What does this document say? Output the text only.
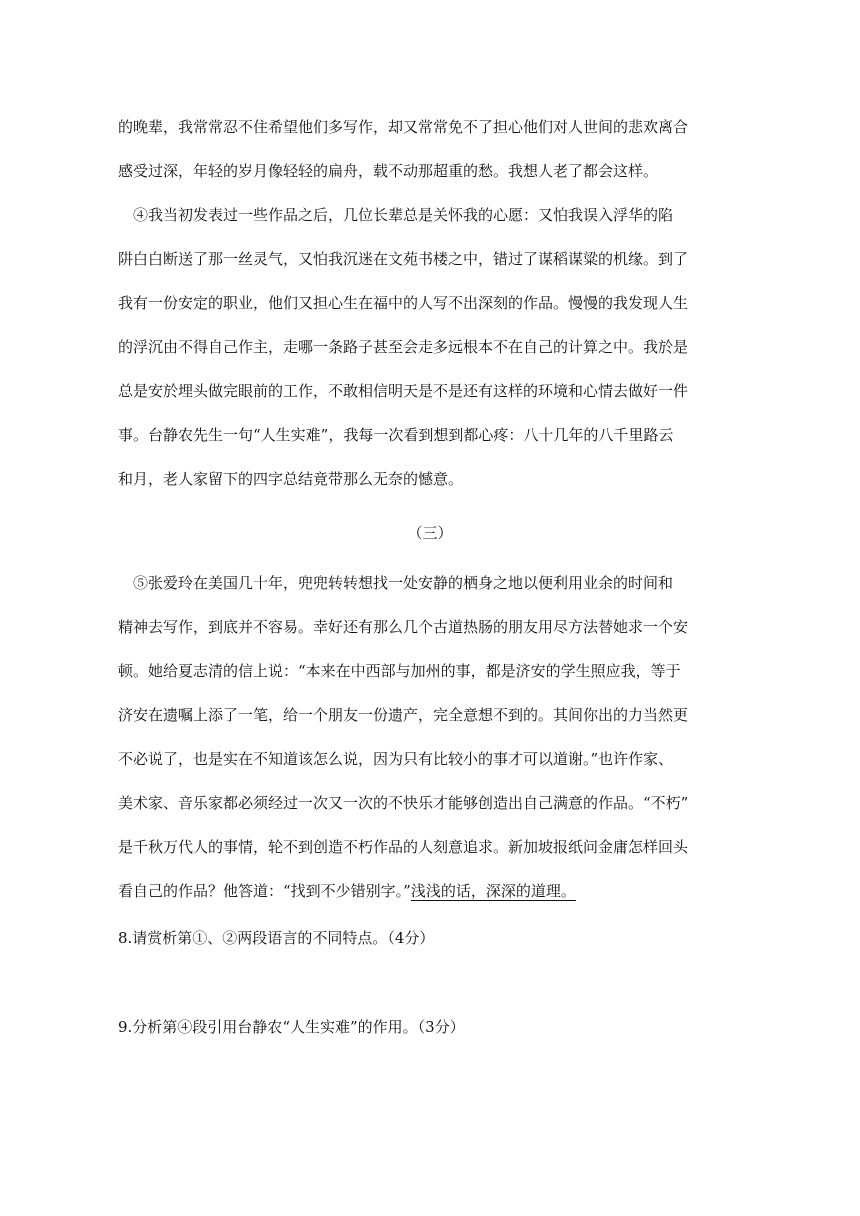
的晚辈，我常常忍不住希望他们多写作，却又常常免不了担心他们对人世间的悲欢离合
感受过深，年轻的岁月像轻轻的扁舟，载不动那超重的愁。我想人老了都会这样。
④我当初发表过一些作品之后，几位长辈总是关怀我的心愿：又怕我误入浮华的陷
阱白白断送了那一丝灵气，又怕我沉迷在文苑书楼之中，错过了谋稻谋粱的机缘。到了
我有一份安定的职业，他们又担心生在福中的人写不出深刻的作品。慢慢的我发现人生
的浮沉由不得自己作主，走哪一条路子甚至会走多远根本不在自己的计算之中。我於是
总是安於埋头做完眼前的工作，不敢相信明天是不是还有这样的环境和心情去做好一件
事。台静农先生一句“人生实难”，我每一次看到想到都心疼：八十几年的八千里路云
和月，老人家留下的四字总结竟带那么无奈的憾意。
（三）
⑤张爱玲在美国几十年，兜兜转转想找一处安静的栖身之地以便利用业余的时间和
精神去写作，到底并不容易。幸好还有那么几个古道热肠的朋友用尽方法替她求一个安
顿。她给夏志清的信上说：“本来在中西部与加州的事，都是济安的学生照应我，等于
济安在遗嘱上添了一笔，给一个朋友一份遗产，完全意想不到的。其间你出的力当然更
不必说了，也是实在不知道该怎么说，因为只有比较小的事才可以道谢。”也许作家、
美术家、音乐家都必须经过一次又一次的不快乐才能够创造出自己满意的作品。“不朽”
是千秋万代人的事情，轮不到创造不朽作品的人刻意追求。新加坡报纸问金庸怎样回头
看自己的作品？他答道：“找到不少错别字。”浅浅的话，深深的道理。
8.请赏析第①、②两段语言的不同特点。（4分）
9.分析第④段引用台静农“人生实难”的作用。（3分）
